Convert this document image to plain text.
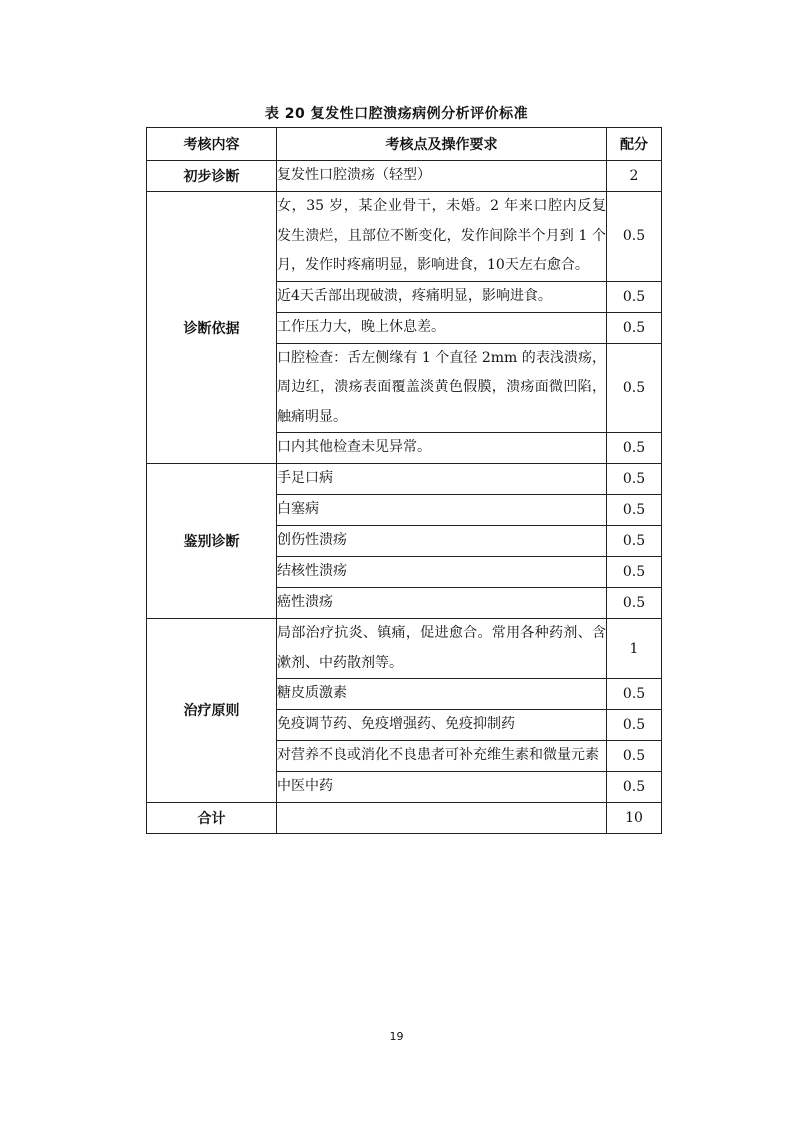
表 20 复发性口腔溃疡病例分析评价标准
考核内容	考核点及操作要求	配分
初步诊断	复发性口腔溃疡（轻型）	2
诊断依据	女，35 岁，某企业骨干，未婚。2 年来口腔内反复发生溃烂，且部位不断变化，发作间除半个月到 1 个月，发作时疼痛明显，影响进食，10天左右愈合。	0.5
	近4天舌部出现破溃，疼痛明显，影响进食。	0.5
	工作压力大，晚上休息差。	0.5
	口腔检查：舌左侧缘有 1 个直径 2mm 的表浅溃疡，周边红，溃疡表面覆盖淡黄色假膜，溃疡面微凹陷，触痛明显。	0.5
	口内其他检查未见异常。	0.5
鉴别诊断	手足口病	0.5
	白塞病	0.5
	创伤性溃疡	0.5
	结核性溃疡	0.5
	癌性溃疡	0.5
治疗原则	局部治疗抗炎、镇痛，促进愈合。常用各种药剂、含漱剂、中药散剂等。	1
	糖皮质激素	0.5
	免疫调节药、免疫增强药、免疫抑制药	0.5
	对营养不良或消化不良患者可补充维生素和微量元素	0.5
	中医中药	0.5
合计		10
19
